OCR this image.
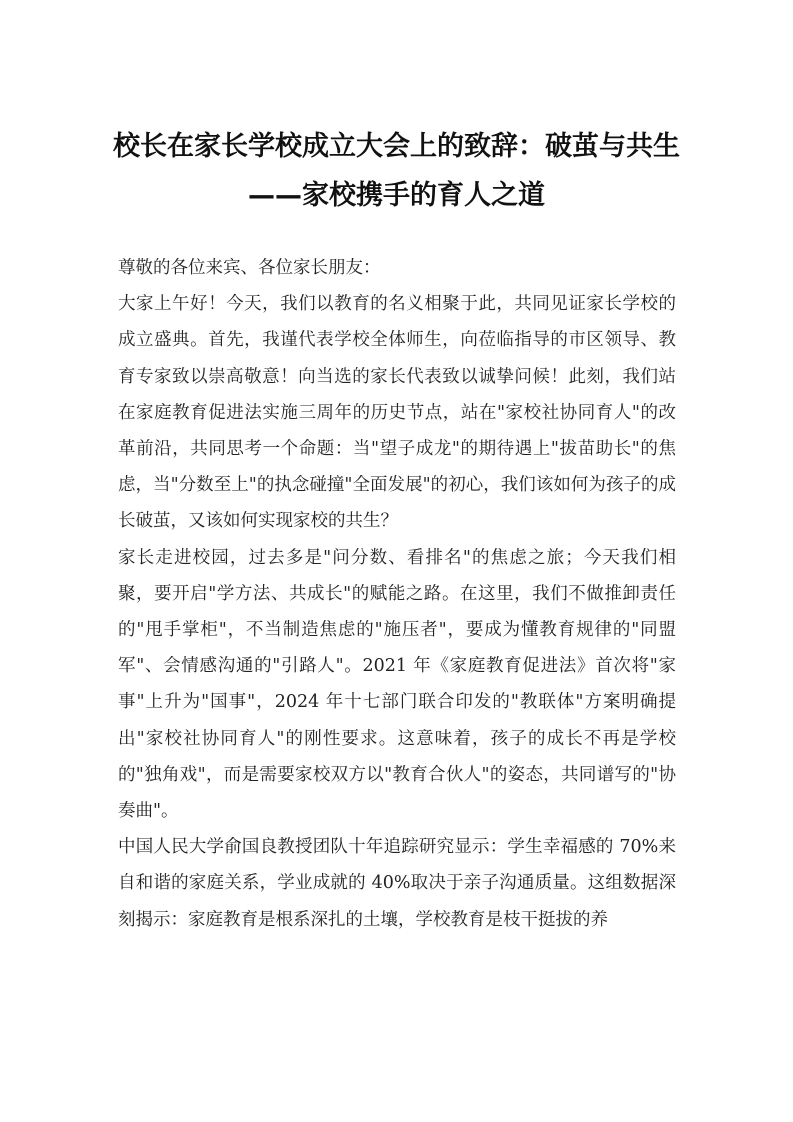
校长在家长学校成立大会上的致辞：破茧与共生——家校携手的育人之道

尊敬的各位来宾、各位家长朋友：

大家上午好！今天，我们以教育的名义相聚于此，共同见证家长学校的成立盛典。首先，我谨代表学校全体师生，向莅临指导的市区领导、教育专家致以崇高敬意！向当选的家长代表致以诚挚问候！此刻，我们站在家庭教育促进法实施三周年的历史节点，站在"家校社协同育人"的改革前沿，共同思考一个命题：当"望子成龙"的期待遇上"拔苗助长"的焦虑，当"分数至上"的执念碰撞"全面发展"的初心，我们该如何为孩子的成长破茧，又该如何实现家校的共生？

家长走进校园，过去多是"问分数、看排名"的焦虑之旅；今天我们相聚，要开启"学方法、共成长"的赋能之路。在这里，我们不做推卸责任的"甩手掌柜"，不当制造焦虑的"施压者"，要成为懂教育规律的"同盟军"、会情感沟通的"引路人"。2021 年《家庭教育促进法》首次将"家事"上升为"国事"，2024 年十七部门联合印发的"教联体"方案明确提出"家校社协同育人"的刚性要求。这意味着，孩子的成长不再是学校的"独角戏"，而是需要家校双方以"教育合伙人"的姿态，共同谱写的"协奏曲"。

中国人民大学俞国良教授团队十年追踪研究显示：学生幸福感的 70%来自和谐的家庭关系，学业成就的 40%取决于亲子沟通质量。这组数据深刻揭示：家庭教育是根系深扎的土壤，学校教育是枝干挺拔的养
